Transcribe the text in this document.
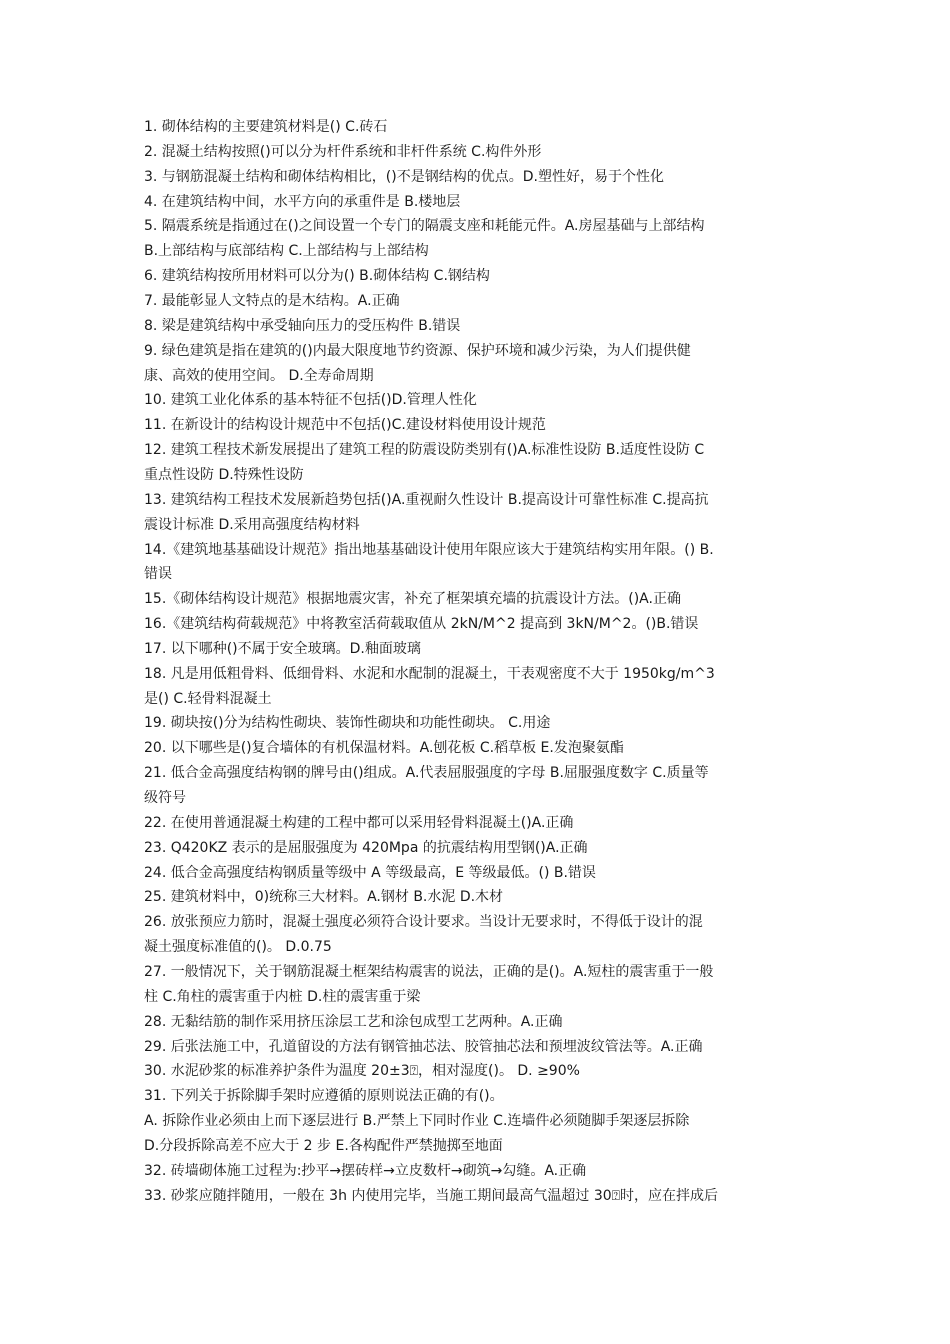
1. 砌体结构的主要建筑材料是() C.砖石
2. 混凝土结构按照()可以分为杆件系统和非杆件系统 C.构件外形
3. 与钢筋混凝土结构和砌体结构相比，()不是钢结构的优点。D.塑性好，易于个性化
4. 在建筑结构中间，水平方向的承重件是 B.楼地层
5. 隔震系统是指通过在()之间设置一个专门的隔震支座和耗能元件。A.房屋基础与上部结构
B.上部结构与底部结构 C.上部结构与上部结构
6. 建筑结构按所用材料可以分为() B.砌体结构 C.钢结构
7. 最能彰显人文特点的是木结构。A.正确
8. 梁是建筑结构中承受轴向压力的受压构件 B.错误
9. 绿色建筑是指在建筑的()内最大限度地节约资源、保护环境和减少污染，为人们提供健
康、高效的使用空间。 D.全寿命周期
10. 建筑工业化体系的基本特征不包括()D.管理人性化
11. 在新设计的结构设计规范中不包括()C.建设材料使用设计规范
12. 建筑工程技术新发展提出了建筑工程的防震设防类别有()A.标准性设防 B.适度性设防 C
重点性设防 D.特殊性设防
13. 建筑结构工程技术发展新趋势包括()A.重视耐久性设计 B.提高设计可靠性标准 C.提高抗
震设计标准 D.采用高强度结构材料
14.《建筑地基基础设计规范》指出地基基础设计使用年限应该大于建筑结构实用年限。() B.
错误
15.《砌体结构设计规范》根据地震灾害，补充了框架填充墙的抗震设计方法。()A.正确
16.《建筑结构荷载规范》中将教室活荷载取值从 2kN/M^2 提高到 3kN/M^2。()B.错误
17. 以下哪种()不属于安全玻璃。D.釉面玻璃
18. 凡是用低粗骨料、低细骨料、水泥和水配制的混凝土，干表观密度不大于 1950kg/m^3
是() C.轻骨料混凝土
19. 砌块按()分为结构性砌块、装饰性砌块和功能性砌块。 C.用途
20. 以下哪些是()复合墙体的有机保温材料。A.刨花板 C.稻草板 E.发泡聚氨酯
21. 低合金高强度结构钢的牌号由()组成。A.代表屈服强度的字母 B.屈服强度数字 C.质量等
级符号
22. 在使用普通混凝土构建的工程中都可以采用轻骨料混凝土()A.正确
23. Q420KZ 表示的是屈服强度为 420Mpa 的抗震结构用型钢()A.正确
24. 低合金高强度结构钢质量等级中 A 等级最高，E 等级最低。() B.错误
25. 建筑材料中，0)统称三大材料。A.钢材 B.水泥 D.木材
26. 放张预应力筋时，混凝土强度必须符合设计要求。当设计无要求时，不得低于设计的混
凝土强度标准值的()。 D.0.75
27. 一般情况下，关于钢筋混凝土框架结构震害的说法，正确的是()。A.短柱的震害重于一般
柱 C.角柱的震害重于内桩 D.柱的震害重于梁
28. 无黏结筋的制作采用挤压涂层工艺和涂包成型工艺两种。A.正确
29. 后张法施工中，孔道留设的方法有钢管抽芯法、胶管抽芯法和预埋波纹管法等。A.正确
30. 水泥砂浆的标准养护条件为温度 20±3⍰，相对湿度()。 D. ≥90%
31. 下列关于拆除脚手架时应遵循的原则说法正确的有()。
A. 拆除作业必须由上而下逐层进行 B.严禁上下同时作业 C.连墙件必须随脚手架逐层拆除
D.分段拆除高差不应大于 2 步 E.各构配件严禁抛掷至地面
32. 砖墙砌体施工过程为:抄平→摆砖样→立皮数杆→砌筑→勾缝。A.正确
33. 砂浆应随拌随用，一般在 3h 内使用完毕，当施工期间最高气温超过 30⍰时，应在拌成后
